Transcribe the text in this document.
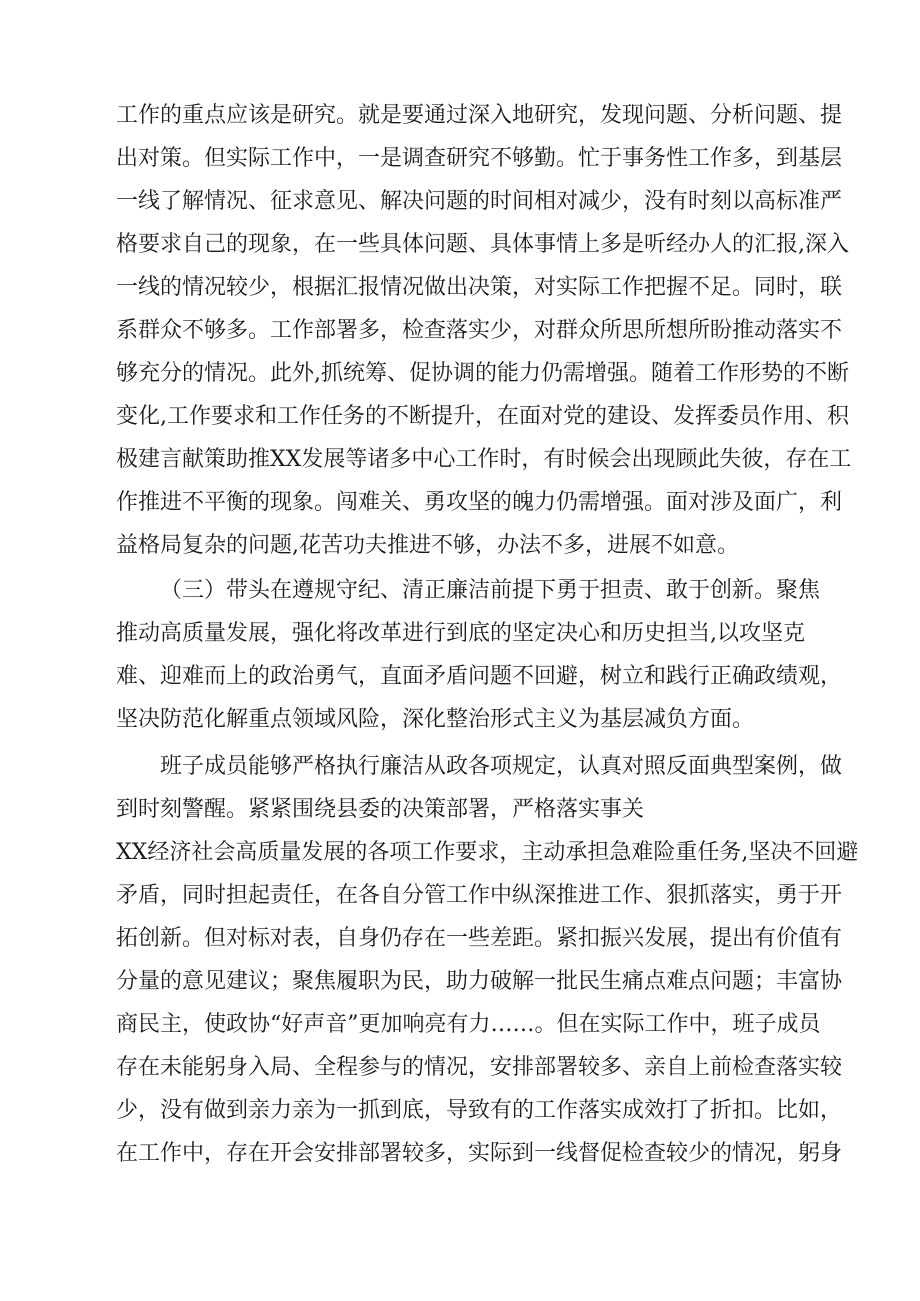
工作的重点应该是研究。就是要通过深入地研究，发现问题、分析问题、提
出对策。但实际工作中，一是调查研究不够勤。忙于事务性工作多，到基层
一线了解情况、征求意见、解决问题的时间相对减少，没有时刻以高标准严
格要求自己的现象，在一些具体问题、具体事情上多是听经办人的汇报,深入
一线的情况较少，根据汇报情况做出决策，对实际工作把握不足。同时，联
系群众不够多。工作部署多，检查落实少，对群众所思所想所盼推动落实不
够充分的情况。此外,抓统筹、促协调的能力仍需增强。随着工作形势的不断
变化,工作要求和工作任务的不断提升，在面对党的建设、发挥委员作用、积
极建言献策助推XX发展等诸多中心工作时，有时候会出现顾此失彼，存在工
作推进不平衡的现象。闯难关、勇攻坚的魄力仍需增强。面对涉及面广，利
益格局复杂的问题,花苦功夫推进不够，办法不多，进展不如意。
（三）带头在遵规守纪、清正廉洁前提下勇于担责、敢于创新。聚焦
推动高质量发展，强化将改革进行到底的坚定决心和历史担当,以攻坚克
难、迎难而上的政治勇气，直面矛盾问题不回避，树立和践行正确政绩观，
坚决防范化解重点领域风险，深化整治形式主义为基层减负方面。
班子成员能够严格执行廉洁从政各项规定，认真对照反面典型案例，做
到时刻警醒。紧紧围绕县委的决策部署，严格落实事关
XX经济社会高质量发展的各项工作要求，主动承担急难险重任务,坚决不回避
矛盾，同时担起责任，在各自分管工作中纵深推进工作、狠抓落实，勇于开
拓创新。但对标对表，自身仍存在一些差距。紧扣振兴发展，提出有价值有
分量的意见建议；聚焦履职为民，助力破解一批民生痛点难点问题；丰富协
商民主，使政协“好声音”更加响亮有力……。但在实际工作中，班子成员
存在未能躬身入局、全程参与的情况，安排部署较多、亲自上前检查落实较
少，没有做到亲力亲为一抓到底，导致有的工作落实成效打了折扣。比如，
在工作中，存在开会安排部署较多，实际到一线督促检查较少的情况，躬身
